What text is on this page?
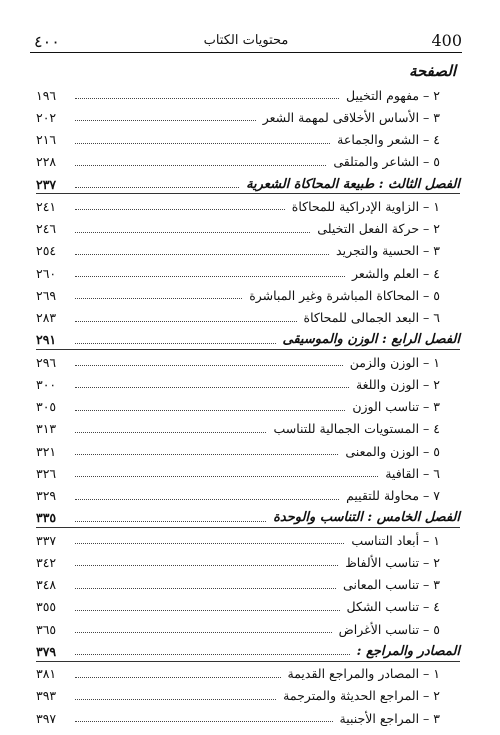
٤٠٠	محتويات الكتاب	400
الصفحة
٢ – مفهوم التخييل
١٩٦
٣ – الأساس الأخلاقى لمهمة الشعر
٢٠٢
٤ – الشعر والجماعة
٢١٦
٥ – الشاعر والمتلقى
٢٢٨
الفصل الثالث : طبيعة المحاكاة الشعرية
٢٣٧
١ – الزاوية الإدراكية للمحاكاة
٢٤١
٢ – حركة الفعل التخيلى
٢٤٦
٣ – الحسية والتجريد
٢٥٤
٤ – العلم والشعر
٢٦٠
٥ – المحاكاة المباشرة وغير المباشرة
٢٦٩
٦ – البعد الجمالى للمحاكاة
٢٨٣
الفصل الرابع : الوزن والموسيقى
٢٩١
١ – الوزن والزمن
٢٩٦
٢ – الوزن واللغة
٣٠٠
٣ – تناسب الوزن
٣٠٥
٤ – المستويات الجمالية للتناسب
٣١٣
٥ – الوزن والمعنى
٣٢١
٦ – القافية
٣٢٦
٧ – محاولة للتقييم
٣٢٩
الفصل الخامس : التناسب والوحدة
٣٣٥
١ – أبعاد التناسب
٣٣٧
٢ – تناسب الألفاظ
٣٤٢
٣ – تناسب المعانى
٣٤٨
٤ – تناسب الشكل
٣٥٥
٥ – تناسب الأغراض
٣٦٥
المصادر والمراجع :
٣٧٩
١ – المصادر والمراجع القديمة
٣٨١
٢ – المراجع الحديثة والمترجمة
٣٩٣
٣ – المراجع الأجنبية
٣٩٧
